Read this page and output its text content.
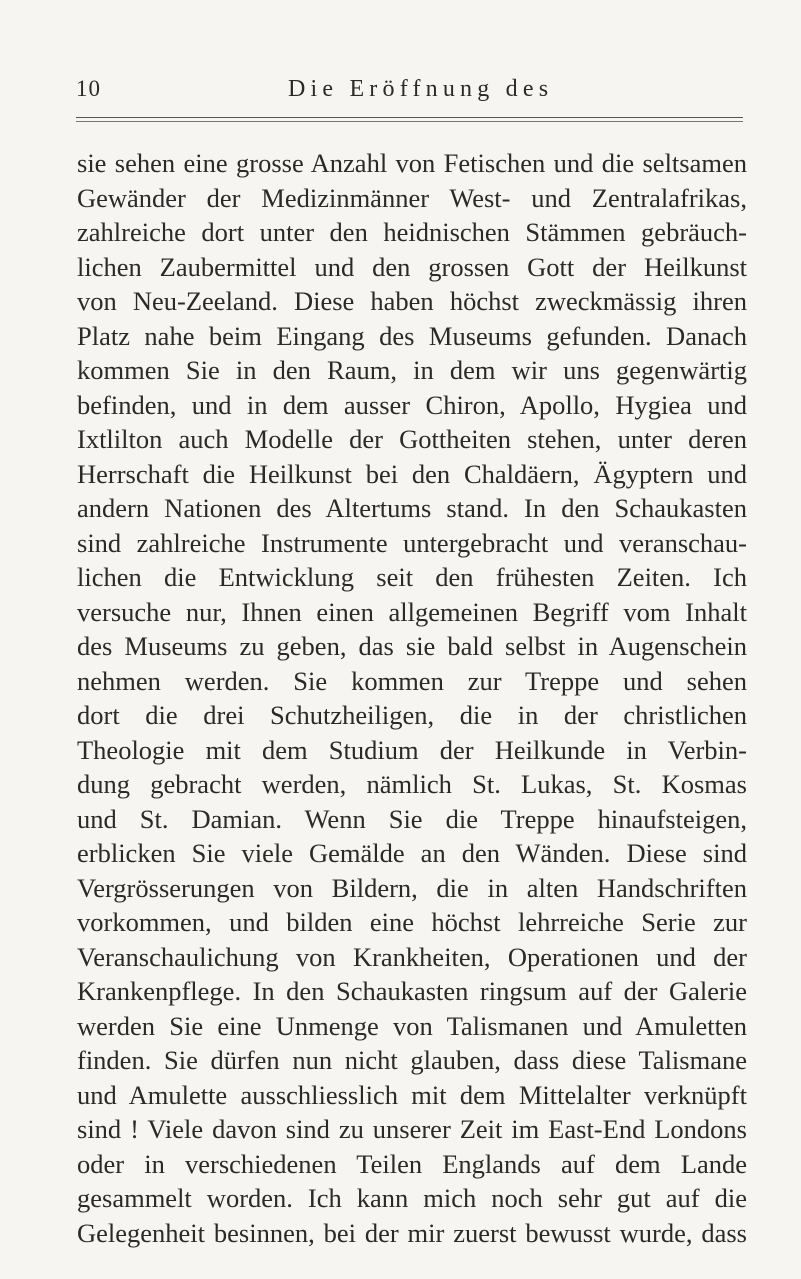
10	Die Eröffnung des
sie sehen eine grosse Anzahl von Fetischen und die seltsamen
Gewänder der Medizinmänner West- und Zentralafrikas,
zahlreiche dort unter den heidnischen Stämmen gebräuch-
lichen Zaubermittel und den grossen Gott der Heilkunst
von Neu-Zeeland. Diese haben höchst zweckmässig ihren
Platz nahe beim Eingang des Museums gefunden. Danach
kommen Sie in den Raum, in dem wir uns gegenwärtig
befinden, und in dem ausser Chiron, Apollo, Hygiea und
Ixtlilton auch Modelle der Gottheiten stehen, unter deren
Herrschaft die Heilkunst bei den Chaldäern, Ägyptern und
andern Nationen des Altertums stand. In den Schaukasten
sind zahlreiche Instrumente untergebracht und veranschau-
lichen die Entwicklung seit den frühesten Zeiten. Ich
versuche nur, Ihnen einen allgemeinen Begriff vom Inhalt
des Museums zu geben, das sie bald selbst in Augenschein
nehmen werden. Sie kommen zur Treppe und sehen
dort die drei Schutzheiligen, die in der christlichen
Theologie mit dem Studium der Heilkunde in Verbin-
dung gebracht werden, nämlich St. Lukas, St. Kosmas
und St. Damian. Wenn Sie die Treppe hinaufsteigen,
erblicken Sie viele Gemälde an den Wänden. Diese sind
Vergrösserungen von Bildern, die in alten Handschriften
vorkommen, und bilden eine höchst lehrreiche Serie zur
Veranschaulichung von Krankheiten, Operationen und der
Krankenpflege. In den Schaukasten ringsum auf der Galerie
werden Sie eine Unmenge von Talismanen und Amuletten
finden. Sie dürfen nun nicht glauben, dass diese Talismane
und Amulette ausschliesslich mit dem Mittelalter verknüpft
sind ! Viele davon sind zu unserer Zeit im East-End Londons
oder in verschiedenen Teilen Englands auf dem Lande
gesammelt worden. Ich kann mich noch sehr gut auf die
Gelegenheit besinnen, bei der mir zuerst bewusst wurde, dass
